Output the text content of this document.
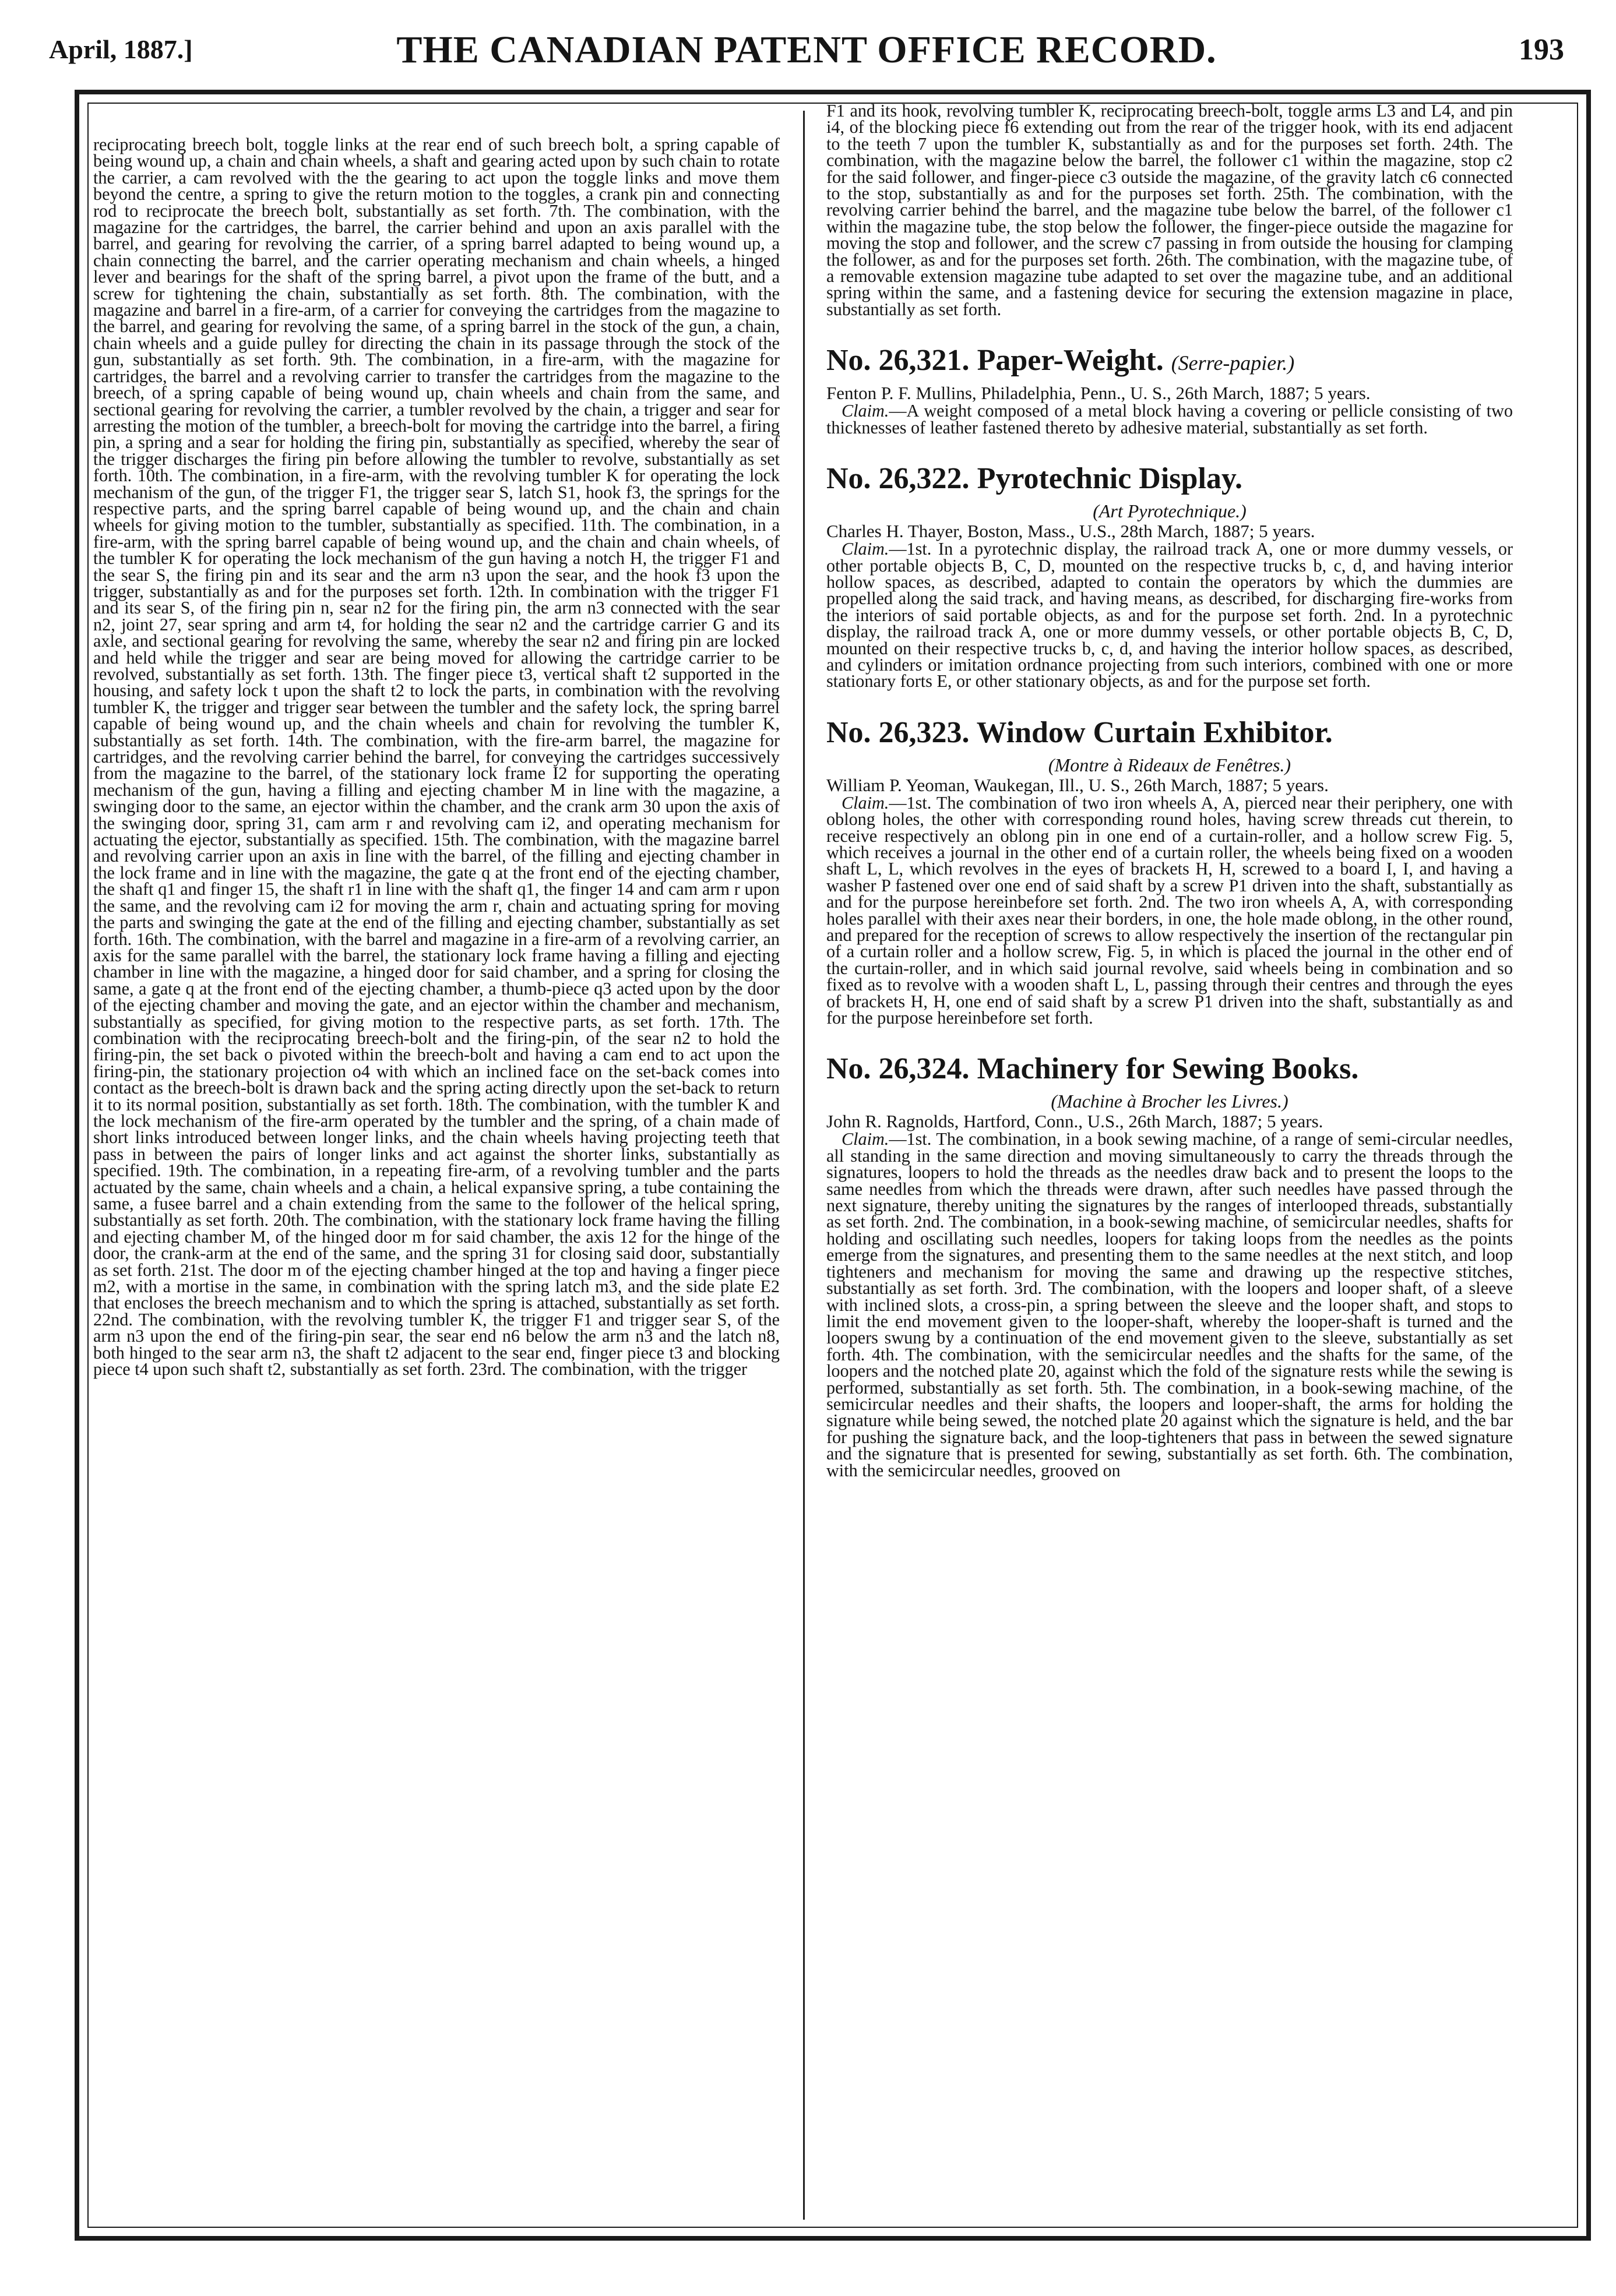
April, 1887.]	THE CANADIAN PATENT OFFICE RECORD.	193

reciprocating breech bolt, toggle links at the rear end of such breech bolt, a spring capable of being wound up, a chain and chain wheels, a shaft and gearing acted upon by such chain to rotate the carrier, a cam revolved with the the gearing to act upon the toggle links and move them beyond the centre, a spring to give the return motion to the toggles, a crank pin and connecting rod to reciprocate the breech bolt, substantially as set forth. 7th. The combination, with the magazine for the cartridges, the barrel, the carrier behind and upon an axis parallel with the barrel, and gearing for revolving the carrier, of a spring barrel adapted to being wound up, a chain connecting the barrel, and the carrier operating mechanism and chain wheels, a hinged lever and bearings for the shaft of the spring barrel, a pivot upon the frame of the butt, and a screw for tightening the chain, substantially as set forth. 8th. The combination, with the magazine and barrel in a fire-arm, of a carrier for conveying the cartridges from the magazine to the barrel, and gearing for revolving the same, of a spring barrel in the stock of the gun, a chain, chain wheels and a guide pulley for directing the chain in its passage through the stock of the gun, substantially as set forth. 9th. The combination, in a fire-arm, with the magazine for cartridges, the barrel and a revolving carrier to transfer the cartridges from the magazine to the breech, of a spring capable of being wound up, chain wheels and chain from the same, and sectional gearing for revolving the carrier, a tumbler revolved by the chain, a trigger and sear for arresting the motion of the tumbler, a breech-bolt for moving the cartridge into the barrel, a firing pin, a spring and a sear for holding the firing pin, substantially as specified, whereby the sear of the trigger discharges the firing pin before allowing the tumbler to revolve, substantially as set forth. 10th. The combination, in a fire-arm, with the revolving tumbler K for operating the lock mechanism of the gun, of the trigger F1, the trigger sear S, latch S1, hook f3, the springs for the respective parts, and the spring barrel capable of being wound up, and the chain and chain wheels for giving motion to the tumbler, substantially as specified. 11th. The combination, in a fire-arm, with the spring barrel capable of being wound up, and the chain and chain wheels, of the tumbler K for operating the lock mechanism of the gun having a notch H, the trigger F1 and the sear S, the firing pin and its sear and the arm n3 upon the sear, and the hook f3 upon the trigger, substantially as and for the purposes set forth. 12th. In combination with the trigger F1 and its sear S, of the firing pin n, sear n2 for the firing pin, the arm n3 connected with the sear n2, joint 27, sear spring and arm t4, for holding the sear n2 and the cartridge carrier G and its axle, and sectional gearing for revolving the same, whereby the sear n2 and firing pin are locked and held while the trigger and sear are being moved for allowing the cartridge carrier to be revolved, substantially as set forth. 13th. The finger piece t3, vertical shaft t2 supported in the housing, and safety lock t upon the shaft t2 to lock the parts, in combination with the revolving tumbler K, the trigger and trigger sear between the tumbler and the safety lock, the spring barrel capable of being wound up, and the chain wheels and chain for revolving the tumbler K, substantially as set forth. 14th. The combination, with the fire-arm barrel, the magazine for cartridges, and the revolving carrier behind the barrel, for conveying the cartridges successively from the magazine to the barrel, of the stationary lock frame I2 for supporting the operating mechanism of the gun, having a filling and ejecting chamber M in line with the magazine, a swinging door to the same, an ejector within the chamber, and the crank arm 30 upon the axis of the swinging door, spring 31, cam arm r and revolving cam i2, and operating mechanism for actuating the ejector, substantially as specified. 15th. The combination, with the magazine barrel and revolving carrier upon an axis in line with the barrel, of the filling and ejecting chamber in the lock frame and in line with the magazine, the gate q at the front end of the ejecting chamber, the shaft q1 and finger 15, the shaft r1 in line with the shaft q1, the finger 14 and cam arm r upon the same, and the revolving cam i2 for moving the arm r, chain and actuating spring for moving the parts and swinging the gate at the end of the filling and ejecting chamber, substantially as set forth. 16th. The combination, with the barrel and magazine in a fire-arm of a revolving carrier, an axis for the same parallel with the barrel, the stationary lock frame having a filling and ejecting chamber in line with the magazine, a hinged door for said chamber, and a spring for closing the same, a gate q at the front end of the ejecting chamber, a thumb-piece q3 acted upon by the door of the ejecting chamber and moving the gate, and an ejector within the chamber and mechanism, substantially as specified, for giving motion to the respective parts, as set forth. 17th. The combination with the reciprocating breech-bolt and the firing-pin, of the sear n2 to hold the firing-pin, the set back o pivoted within the breech-bolt and having a cam end to act upon the firing-pin, the stationary projection o4 with which an inclined face on the set-back comes into contact as the breech-bolt is drawn back and the spring acting directly upon the set-back to return it to its normal position, substantially as set forth. 18th. The combination, with the tumbler K and the lock mechanism of the fire-arm operated by the tumbler and the spring, of a chain made of short links introduced between longer links, and the chain wheels having projecting teeth that pass in between the pairs of longer links and act against the shorter links, substantially as specified. 19th. The combination, in a repeating fire-arm, of a revolving tumbler and the parts actuated by the same, chain wheels and a chain, a helical expansive spring, a tube containing the same, a fusee barrel and a chain extending from the same to the follower of the helical spring, substantially as set forth. 20th. The combination, with the stationary lock frame having the filling and ejecting chamber M, of the hinged door m for said chamber, the axis 12 for the hinge of the door, the crank-arm at the end of the same, and the spring 31 for closing said door, substantially as set forth. 21st. The door m of the ejecting chamber hinged at the top and having a finger piece m2, with a mortise in the same, in combination with the spring latch m3, and the side plate E2 that encloses the breech mechanism and to which the spring is attached, substantially as set forth. 22nd. The combination, with the revolving tumbler K, the trigger F1 and trigger sear S, of the arm n3 upon the end of the firing-pin sear, the sear end n6 below the arm n3 and the latch n8, both hinged to the sear arm n3, the shaft t2 adjacent to the sear end, finger piece t3 and blocking piece t4 upon such shaft t2, substantially as set forth. 23rd. The combination, with the trigger

F1 and its hook, revolving tumbler K, reciprocating breech-bolt, toggle arms L3 and L4, and pin i4, of the blocking piece f6 extending out from the rear of the trigger hook, with its end adjacent to the teeth 7 upon the tumbler K, substantially as and for the purposes set forth. 24th. The combination, with the magazine below the barrel, the follower c1 within the magazine, stop c2 for the said follower, and finger-piece c3 outside the magazine, of the gravity latch c6 connected to the stop, substantially as and for the purposes set forth. 25th. The combination, with the revolving carrier behind the barrel, and the magazine tube below the barrel, of the follower c1 within the magazine tube, the stop below the follower, the finger-piece outside the magazine for moving the stop and follower, and the screw c7 passing in from outside the housing for clamping the follower, as and for the purposes set forth. 26th. The combination, with the magazine tube, of a removable extension magazine tube adapted to set over the magazine tube, and an additional spring within the same, and a fastening device for securing the extension magazine in place, substantially as set forth.

No. 26,321. Paper-Weight. (Serre-papier.)

Fenton P. F. Mullins, Philadelphia, Penn., U. S., 26th March, 1887; 5 years.

Claim.—A weight composed of a metal block having a covering or pellicle consisting of two thicknesses of leather fastened thereto by adhesive material, substantially as set forth.

No. 26,322. Pyrotechnic Display.

(Art Pyrotechnique.)

Charles H. Thayer, Boston, Mass., U.S., 28th March, 1887; 5 years.

Claim.—1st. In a pyrotechnic display, the railroad track A, one or more dummy vessels, or other portable objects B, C, D, mounted on the respective trucks b, c, d, and having interior hollow spaces, as described, adapted to contain the operators by which the dummies are propelled along the said track, and having means, as described, for discharging fire-works from the interiors of said portable objects, as and for the purpose set forth. 2nd. In a pyrotechnic display, the railroad track A, one or more dummy vessels, or other portable objects B, C, D, mounted on their respective trucks b, c, d, and having the interior hollow spaces, as described, and cylinders or imitation ordnance projecting from such interiors, combined with one or more stationary forts E, or other stationary objects, as and for the purpose set forth.

No. 26,323. Window Curtain Exhibitor.

(Montre à Rideaux de Fenêtres.)

William P. Yeoman, Waukegan, Ill., U. S., 26th March, 1887; 5 years.

Claim.—1st. The combination of two iron wheels A, A, pierced near their periphery, one with oblong holes, the other with corresponding round holes, having screw threads cut therein, to receive respectively an oblong pin in one end of a curtain-roller, and a hollow screw Fig. 5, which receives a journal in the other end of a curtain roller, the wheels being fixed on a wooden shaft L, L, which revolves in the eyes of brackets H, H, screwed to a board I, I, and having a washer P fastened over one end of said shaft by a screw P1 driven into the shaft, substantially as and for the purpose hereinbefore set forth. 2nd. The two iron wheels A, A, with corresponding holes parallel with their axes near their borders, in one, the hole made oblong, in the other round, and prepared for the reception of screws to allow respectively the insertion of the rectangular pin of a curtain roller and a hollow screw, Fig. 5, in which is placed the journal in the other end of the curtain-roller, and in which said journal revolve, said wheels being in combination and so fixed as to revolve with a wooden shaft L, L, passing through their centres and through the eyes of brackets H, H, one end of said shaft by a screw P1 driven into the shaft, substantially as and for the purpose hereinbefore set forth.

No. 26,324. Machinery for Sewing Books.

(Machine à Brocher les Livres.)

John R. Ragnolds, Hartford, Conn., U.S., 26th March, 1887; 5 years.

Claim.—1st. The combination, in a book sewing machine, of a range of semi-circular needles, all standing in the same direction and moving simultaneously to carry the threads through the signatures, loopers to hold the threads as the needles draw back and to present the loops to the same needles from which the threads were drawn, after such needles have passed through the next signature, thereby uniting the signatures by the ranges of interlooped threads, substantially as set forth. 2nd. The combination, in a book-sewing machine, of semicircular needles, shafts for holding and oscillating such needles, loopers for taking loops from the needles as the points emerge from the signatures, and presenting them to the same needles at the next stitch, and loop tighteners and mechanism for moving the same and drawing up the respective stitches, substantially as set forth. 3rd. The combination, with the loopers and looper shaft, of a sleeve with inclined slots, a cross-pin, a spring between the sleeve and the looper shaft, and stops to limit the end movement given to the looper-shaft, whereby the looper-shaft is turned and the loopers swung by a continuation of the end movement given to the sleeve, substantially as set forth. 4th. The combination, with the semicircular needles and the shafts for the same, of the loopers and the notched plate 20, against which the fold of the signature rests while the sewing is performed, substantially as set forth. 5th. The combination, in a book-sewing machine, of the semicircular needles and their shafts, the loopers and looper-shaft, the arms for holding the signature while being sewed, the notched plate 20 against which the signature is held, and the bar for pushing the signature back, and the loop-tighteners that pass in between the sewed signature and the signature that is presented for sewing, substantially as set forth. 6th. The combination, with the semicircular needles, grooved on
